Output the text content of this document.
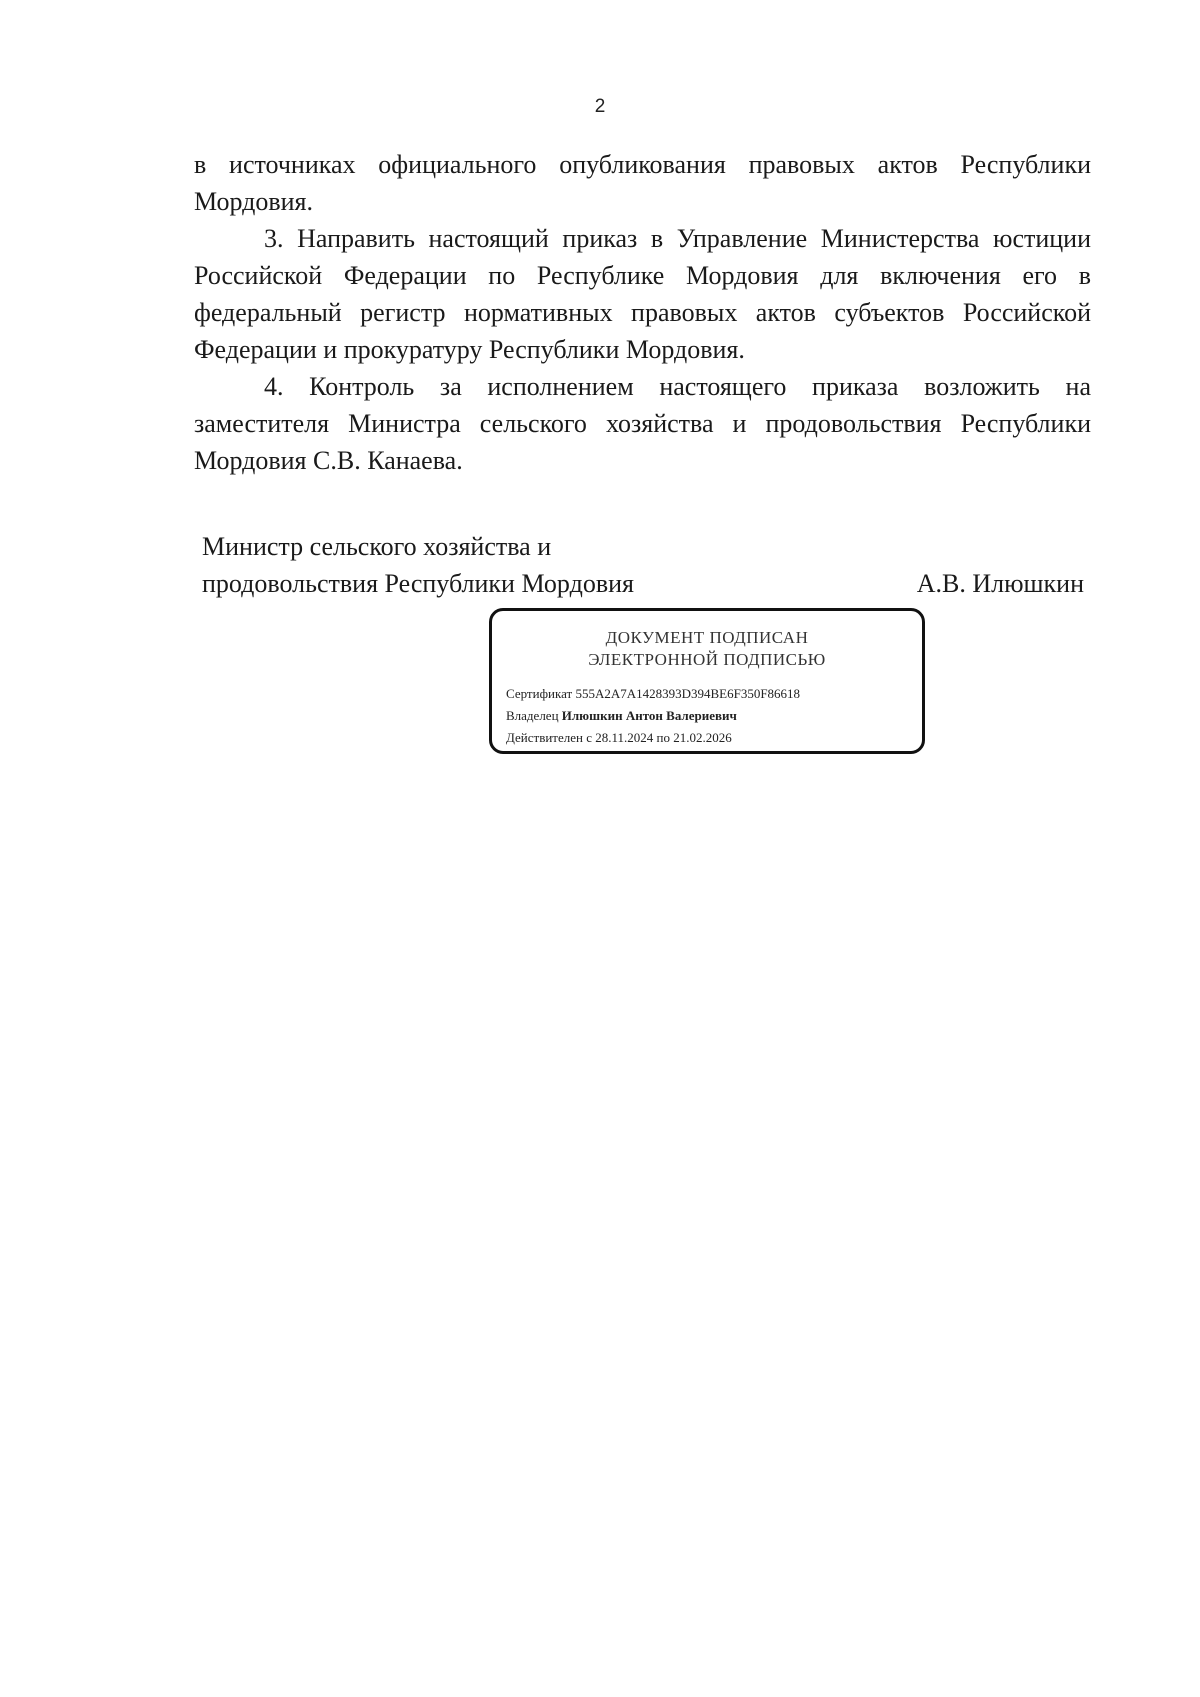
2

в источниках официального опубликования правовых актов Республики Мордовия.

3. Направить настоящий приказ в Управление Министерства юстиции Российской Федерации по Республике Мордовия для включения его в федеральный регистр нормативных правовых актов субъектов Российской Федерации и прокуратуру Республики Мордовия.

4. Контроль за исполнением настоящего приказа возложить на заместителя Министра сельского хозяйства и продовольствия Республики Мордовия С.В. Канаева.

Министр сельского хозяйства и
продовольствия Республики Мордовия	А.В. Илюшкин
ДОКУМЕНТ ПОДПИСАН
ЭЛЕКТРОННОЙ ПОДПИСЬЮ
Сертификат 555A2A7A1428393D394BE6F350F86618
Владелец Илюшкин Антон Валериевич
Действителен с 28.11.2024 по 21.02.2026
